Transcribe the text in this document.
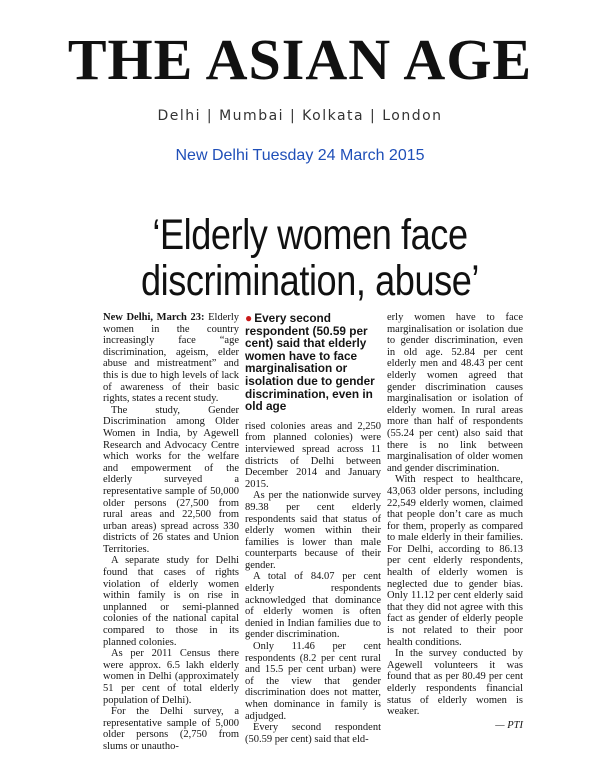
THE ASIAN AGE
Delhi | Mumbai | Kolkata | London
New Delhi Tuesday 24 March 2015
‘Elderly women face
discrimination, abuse’

New Delhi, March 23: Elderly women in the country increasingly face “age discrimination, ageism, elder abuse and mistreatment” and this is due to high levels of lack of awareness of their basic rights, states a recent study.

The study, Gender Discrimination among Older Women in India, by Agewell Research and Advocacy Centre which works for the welfare and empowerment of the elderly surveyed a representative sample of 50,000 older persons (27,500 from rural areas and 22,500 from urban areas) spread across 330 districts of 26 states and Union Territories.

A separate study for Delhi found that cases of rights violation of elderly women within family is on rise in unplanned or semi-planned colonies of the national capital compared to those in its planned colonies.

As per 2011 Census there were approx. 6.5 lakh elderly women in Delhi (approximately 51 per cent of total elderly population of Delhi).

For the Delhi survey, a representative sample of 5,000 older persons (2,750 from slums or unautho-

● Every second respondent (50.59 per cent) said that elderly women have to face marginalisation or isolation due to gender discrimination, even in old age

rised colonies areas and 2,250 from planned colonies) were interviewed spread across 11 districts of Delhi between December 2014 and January 2015.

As per the nationwide survey 89.38 per cent elderly respondents said that status of elderly women within their families is lower than male counterparts because of their gender.

A total of 84.07 per cent elderly respondents acknowledged that dominance of elderly women is often denied in Indian families due to gender discrimination.

Only 11.46 per cent respondents (8.2 per cent rural and 15.5 per cent urban) were of the view that gender discrimination does not matter, when dominance in family is adjudged.

Every second respondent (50.59 per cent) said that eld-

erly women have to face marginalisation or isolation due to gender discrimination, even in old age. 52.84 per cent elderly men and 48.43 per cent elderly women agreed that gender discrimination causes marginalisation or isolation of elderly women. In rural areas more than half of respondents (55.24 per cent) also said that there is no link between marginalisation of older women and gender discrimination.

With respect to healthcare, 43,063 older persons, including 22,549 elderly women, claimed that people don’t care as much for them, properly as compared to male elderly in their families. For Delhi, according to 86.13 per cent elderly respondents, health of elderly women is neglected due to gender bias. Only 11.12 per cent elderly said that they did not agree with this fact as gender of elderly people is not related to their poor health conditions.

In the survey conducted by Agewell volunteers it was found that as per 80.49 per cent elderly respondents financial status of elderly women is weaker.

— PTI
